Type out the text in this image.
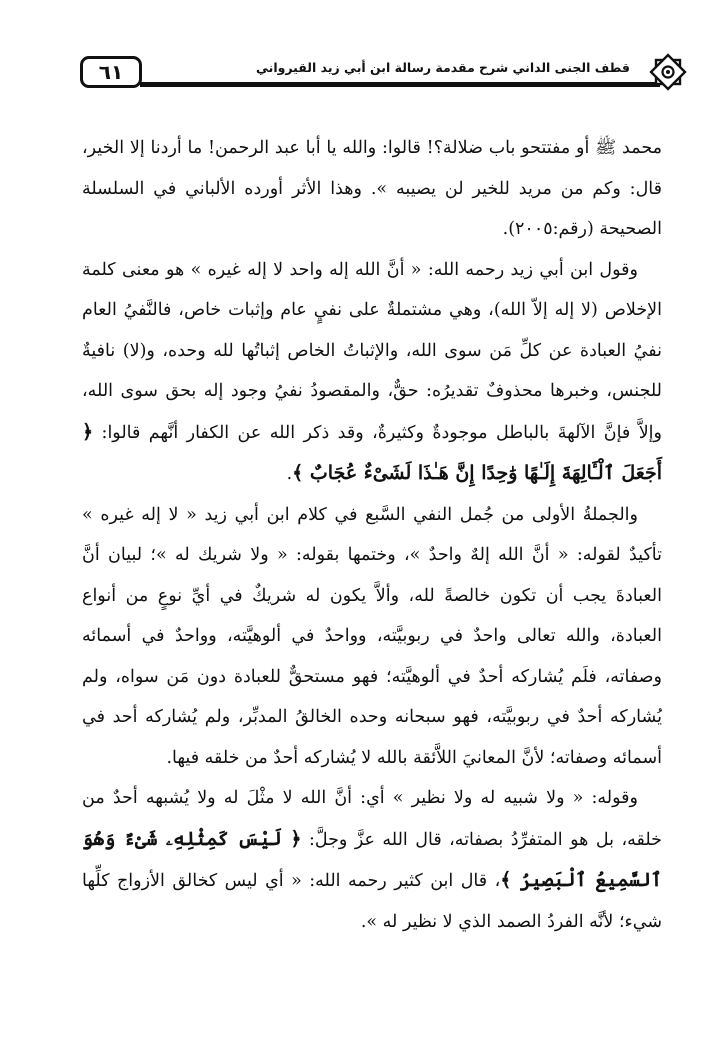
٦١	قطف الجنى الداني شرح مقدمة رسالة ابن أبي زيد القيرواني

محمد ﷺ أو مفتتحو باب ضلالة؟! قالوا: والله يا أبا عبد الرحمن! ما أردنا إلا الخير، قال: وكم من مريد للخير لن يصيبه ». وهذا الأثر أورده الألباني في السلسلة الصحيحة (رقم:٢٠٠٥).

وقول ابن أبي زيد رحمه الله: « أنَّ الله إله واحد لا إله غيره » هو معنى كلمة الإخلاص (لا إله إلاّ الله)، وهي مشتملةٌ على نفيٍ عام وإثبات خاص، فالنَّفيُ العام نفيُ العبادة عن كلِّ مَن سوى الله، والإثباتُ الخاص إثباتُها لله وحده، و(لا) نافيةٌ للجنس، وخبرها محذوفٌ تقديرُه: حقٌّ، والمقصودُ نفيُ وجود إله بحق سوى الله، وإلاَّ فإنَّ الآلهةَ بالباطل موجودةٌ وكثيرةٌ، وقد ذكر الله عن الكفار أنَّهم قالوا: ﴿ أَجَعَلَ ٱلْـَٔالِهَةَ إِلَـٰهًا وَٰحِدًا إِنَّ هَـٰذَا لَشَىْءٌ عُجَابٌ ﴾.

والجملةُ الأولى من جُمل النفي السَّبع في كلام ابن أبي زيد « لا إله غيره » تأكيدٌ لقوله: « أنَّ الله إلهٌ واحدٌ »، وختمها بقوله: « ولا شريك له »؛ لبيان أنَّ العبادةَ يجب أن تكون خالصةً لله، وألاَّ يكون له شريكٌ في أيِّ نوعٍ من أنواع العبادة، والله تعالى واحدٌ في ربوبيَّته، وواحدٌ في ألوهيَّته، وواحدٌ في أسمائه وصفاته، فلَم يُشاركه أحدٌ في ألوهيَّته؛ فهو مستحقٌّ للعبادة دون مَن سواه، ولم يُشاركه أحدٌ في ربوبيَّته، فهو سبحانه وحده الخالقُ المدبِّر، ولم يُشاركه أحد في أسمائه وصفاته؛ لأنَّ المعانيَ اللاَّئقة بالله لا يُشاركه أحدٌ من خلقه فيها.

وقوله: « ولا شبيه له ولا نظير » أي: أنَّ الله لا مثْلَ له ولا يُشبهه أحدٌ من خلقه، بل هو المتفرِّدُ بصفاته، قال الله عزَّ وجلَّ: ﴿ لَيْسَ كَمِثْلِهِۦ شَىْءٌ وَهُوَ ٱلسَّمِيعُ ٱلْبَصِيرُ ﴾، قال ابن كثير رحمه الله: « أي ليس كخالق الأزواج كلِّها شيء؛ لأنَّه الفردُ الصمد الذي لا نظير له ».
